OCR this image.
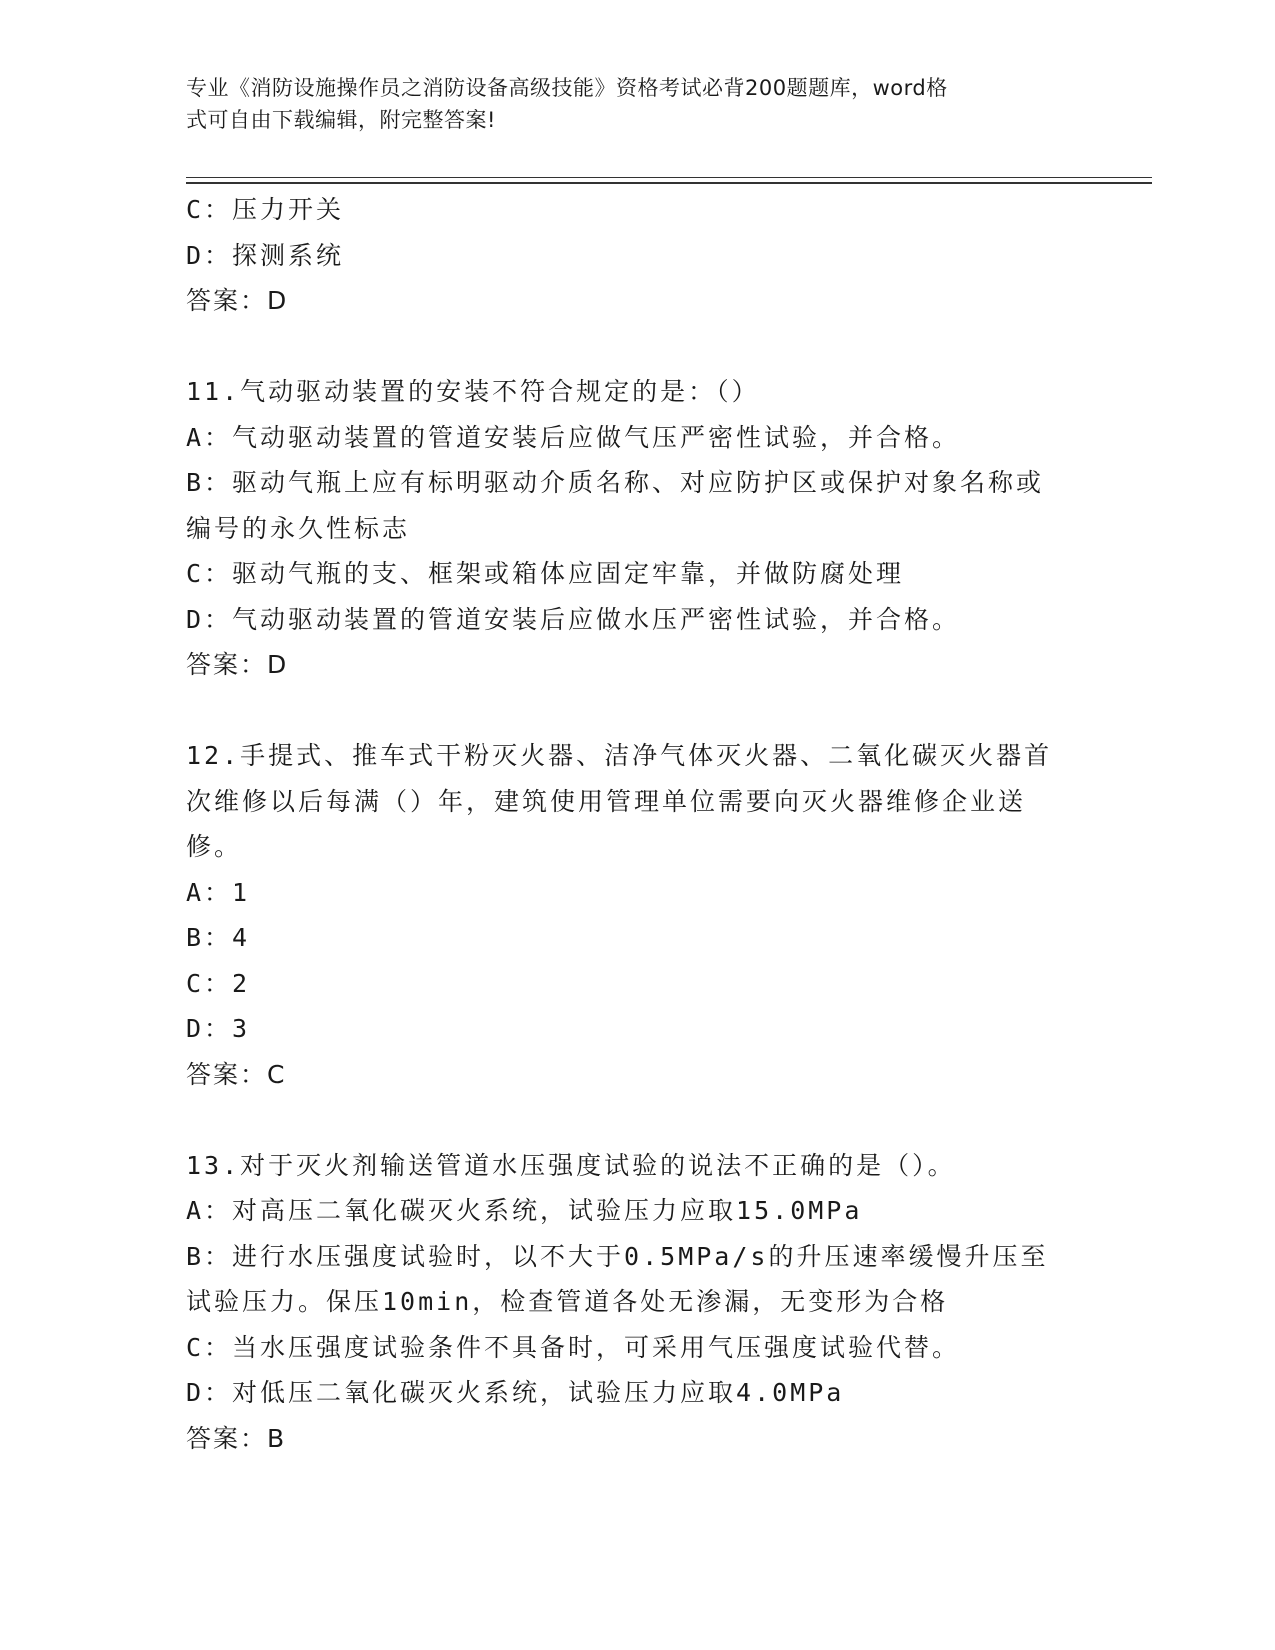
专业《消防设施操作员之消防设备高级技能》资格考试必背200题题库，word格
式可自由下载编辑，附完整答案!
C：压力开关
D：探测系统
答案：D
11.气动驱动装置的安装不符合规定的是：（）
A：气动驱动装置的管道安装后应做气压严密性试验，并合格。
B：驱动气瓶上应有标明驱动介质名称、对应防护区或保护对象名称或
编号的永久性标志
C：驱动气瓶的支、框架或箱体应固定牢靠，并做防腐处理
D：气动驱动装置的管道安装后应做水压严密性试验，并合格。
答案：D
12.手提式、推车式干粉灭火器、洁净气体灭火器、二氧化碳灭火器首
次维修以后每满（）年，建筑使用管理单位需要向灭火器维修企业送
修。
A：1
B：4
C：2
D：3
答案：C
13.对于灭火剂输送管道水压强度试验的说法不正确的是（）。
A：对高压二氧化碳灭火系统，试验压力应取15.0MPa
B：进行水压强度试验时，以不大于0.5MPa/s的升压速率缓慢升压至
试验压力。保压10min，检查管道各处无渗漏，无变形为合格
C：当水压强度试验条件不具备时，可采用气压强度试验代替。
D：对低压二氧化碳灭火系统，试验压力应取4.0MPa
答案：B
